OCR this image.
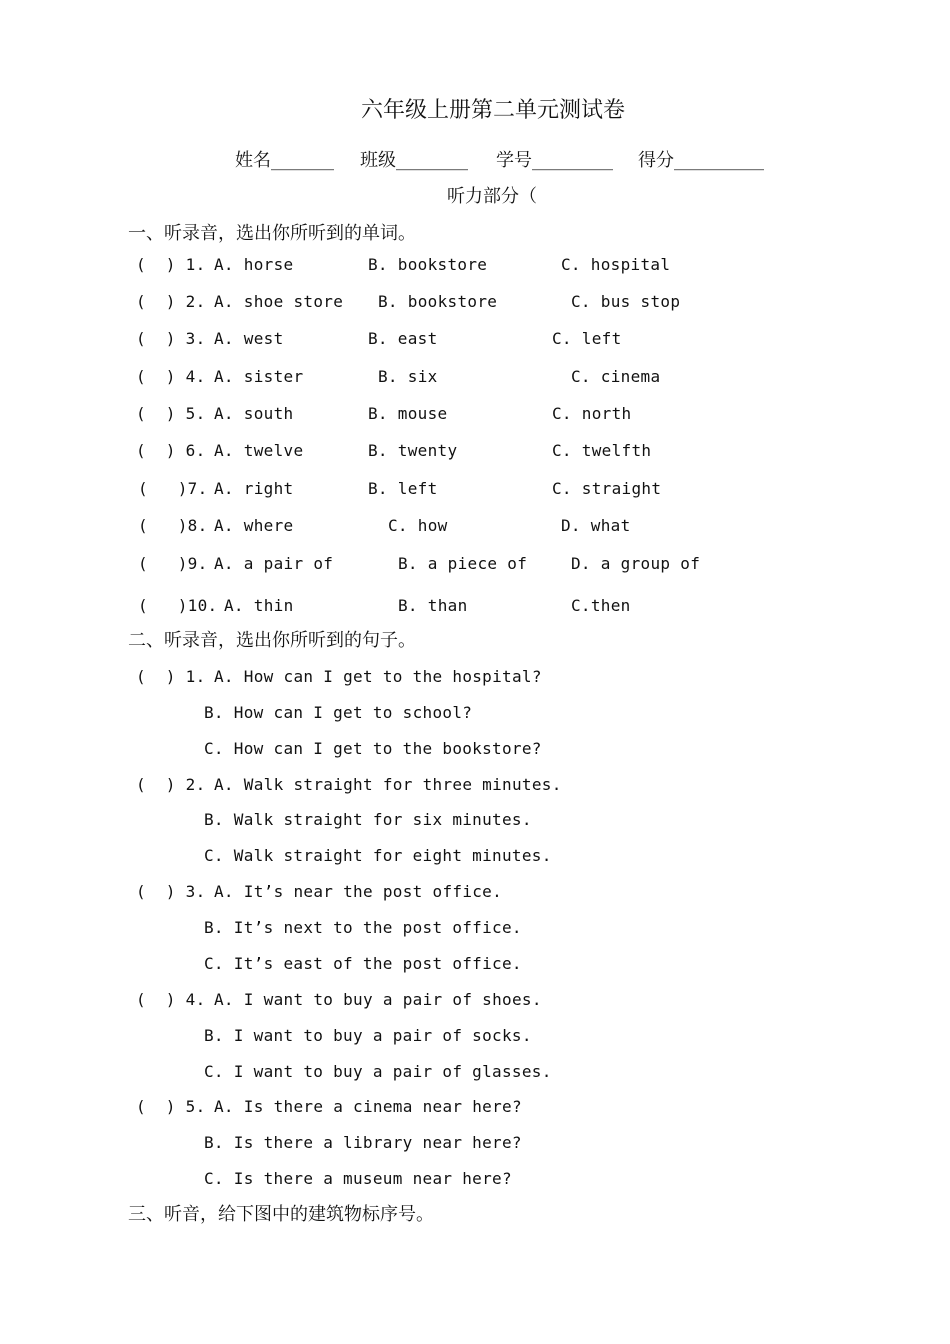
六年级上册第二单元测试卷
姓名_______ 班级________ 学号_________ 得分__________
听力部分（
一、听录音，选出你所听到的单词。
(  ) 1. A. horse	B. bookstore	C. hospital
(  ) 2. A. shoe store B. bookstore	C. bus stop
(  ) 3. A. west	B. east	C. left
(  ) 4. A. sister	B. six	C. cinema
(  ) 5. A. south	B. mouse	C. north
(  ) 6. A. twelve	B. twenty	C. twelfth
(   )7. A. right	B. left	C. straight
(   )8. A. where	C. how	D. what
(   )9. A. a pair of	B. a piece of	D. a group of
(   )10. A. thin	B. than	C.then
二、听录音，选出你所听到的句子。
(  ) 1. A. How can I get to the hospital?
B. How can I get to school?
C. How can I get to the bookstore?
(  ) 2. A. Walk straight for three minutes.
B. Walk straight for six minutes.
C. Walk straight for eight minutes.
(  ) 3. A. It’s near the post office.
B. It’s next to the post office.
C. It’s east of the post office.
(  ) 4. A. I want to buy a pair of shoes.
B. I want to buy a pair of socks.
C. I want to buy a pair of glasses.
(  ) 5. A. Is there a cinema near here?
B. Is there a library near here?
C. Is there a museum near here?
三、听音，给下图中的建筑物标序号。
